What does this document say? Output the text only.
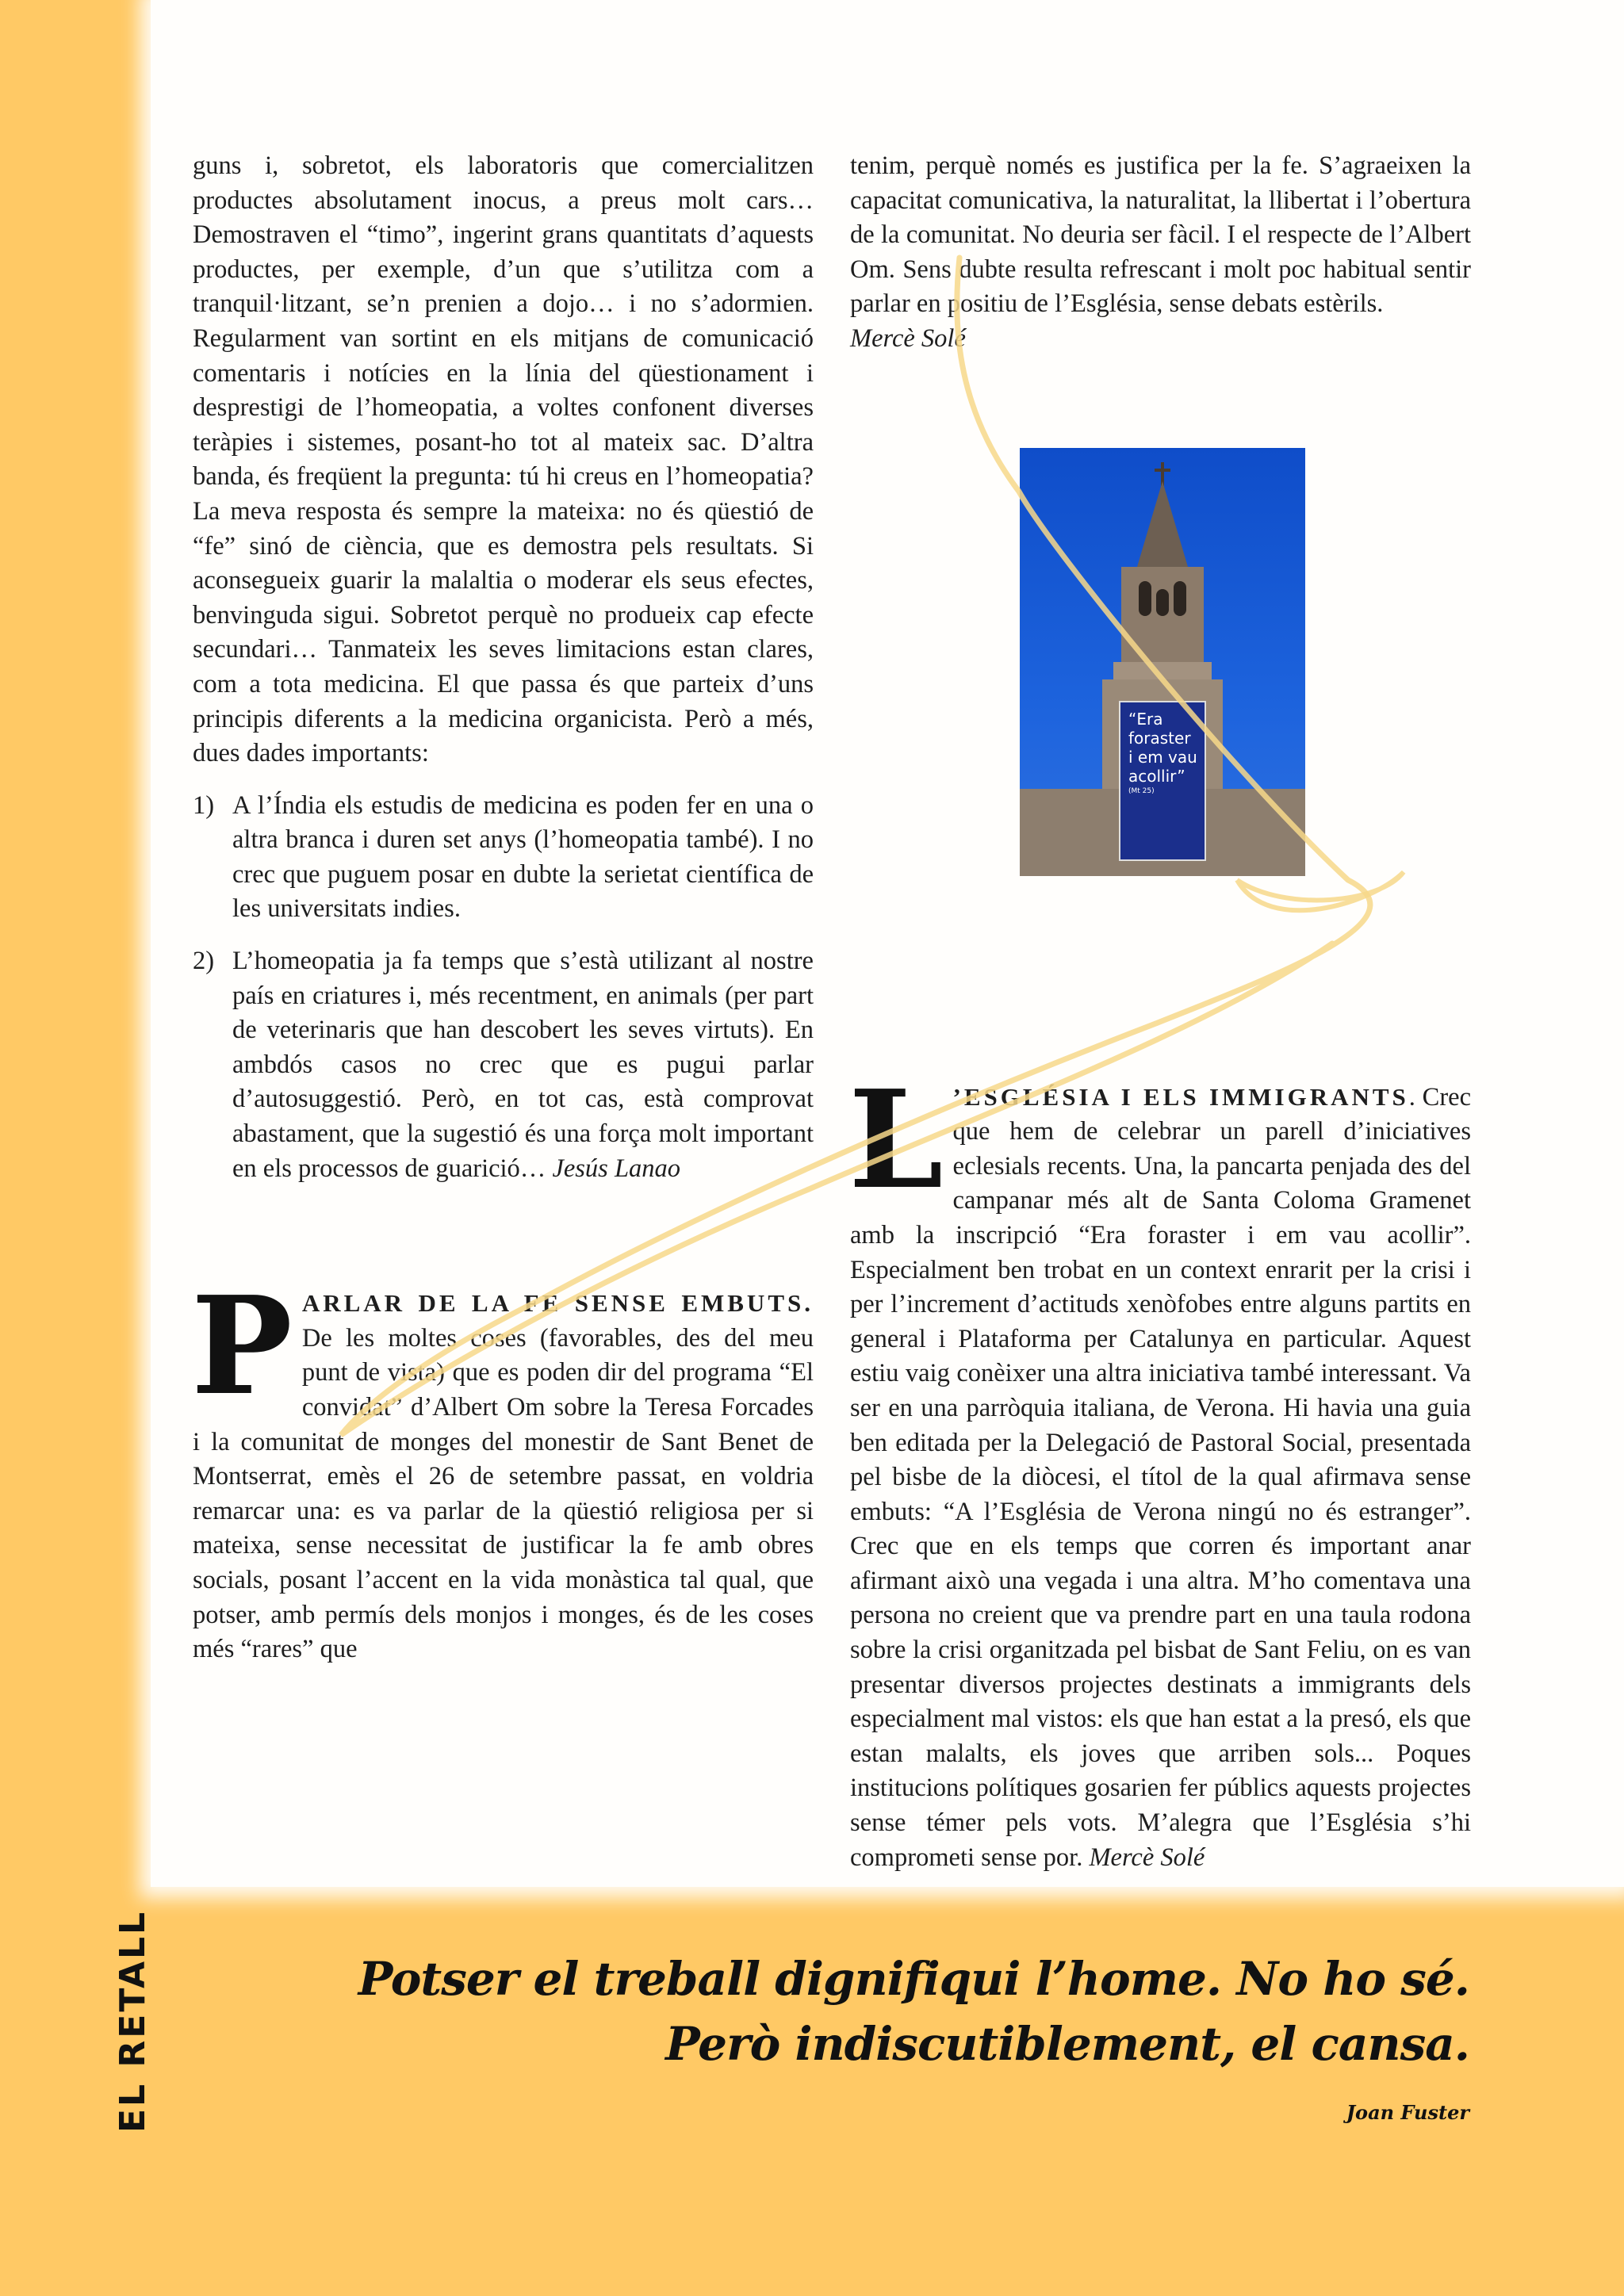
guns i, sobretot, els laboratoris que comercialitzen productes absolutament inocus, a preus molt cars… Demostraven el “timo”, ingerint grans quantitats d’aquests productes, per exemple, d’un que s’utilitza com a tranquil·litzant, se’n prenien a dojo… i no s’adormien. Regularment van sortint en els mitjans de comunicació comentaris i notícies en la línia del qüestionament i desprestigi de l’homeopatia, a voltes confonent diverses teràpies i sistemes, posant-ho tot al mateix sac. D’altra banda, és freqüent la pregunta: tú hi creus en l’homeopatia? La meva resposta és sempre la mateixa: no és qüestió de “fe” sinó de ciència, que es demostra pels resultats. Si aconsegueix guarir la malaltia o moderar els seus efectes, benvinguda sigui. Sobretot perquè no produeix cap efecte secundari… Tanmateix les seves limitacions estan clares, com a tota medicina. El que passa és que parteix d’uns principis diferents a la medicina organicista. Però a més, dues dades importants:

1) A l’Índia els estudis de medicina es poden fer en una o altra branca i duren set anys (l’homeopatia també). I no crec que puguem posar en dubte la serietat científica de les universitats indies.
2) L’homeopatia ja fa temps que s’està utilizant al nostre país en criatures i, més recentment, en animals (per part de veterinaris que han descobert les seves virtuts). En ambdós casos no crec que es pugui parlar d’autosuggestió. Però, en tot cas, està comprovat abastament, que la sugestió és una força molt important en els processos de guarició… Jesús Lanao

PARLAR DE LA FE SENSE EMBUTS. De les moltes coses (favorables, des del meu punt de vista) que es poden dir del programa “El convidat” d’Albert Om sobre la Teresa Forcades i la comunitat de monges del monestir de Sant Benet de Montserrat, emès el 26 de setembre passat, en voldria remarcar una: es va parlar de la qüestió religiosa per si mateixa, sense necessitat de justificar la fe amb obres socials, posant l’accent en la vida monàstica tal qual, que potser, amb permís dels monjos i monges, és de les coses més “rares” que

tenim, perquè només es justifica per la fe. S’agraeixen la capacitat comunicativa, la naturalitat, la llibertat i l’obertura de la comunitat. No deuria ser fàcil. I el respecte de l’Albert Om. Sens dubte resulta refrescant i molt poc habitual sentir parlar en positiu de l’Església, sense debats estèrils.
Mercè Solé

L ’ESGLÉSIA I ELS IMMIGRANTS. Crec que hem de celebrar un parell d’iniciatives eclesials recents. Una, la pancarta penjada des del campanar més alt de Santa Coloma Gramenet amb la inscripció “Era foraster i em vau acollir”. Especialment ben trobat en un context enrarit per la crisi i per l’increment d’actituds xenòfobes entre alguns partits en general i Plataforma per Catalunya en particular. Aquest estiu vaig conèixer una altra iniciativa també interessant. Va ser en una parròquia italiana, de Verona. Hi havia una guia ben editada per la Delegació de Pastoral Social, presentada pel bisbe de la diòcesi, el títol de la qual afirmava sense embuts: “A l’Església de Verona ningú no és estranger”. Crec que en els temps que corren és important anar afirmant això una vegada i una altra. M’ho comentava una persona no creient que va prendre part en una taula rodona sobre la crisi organitzada pel bisbat de Sant Feliu, on es van presentar diversos projectes destinats a immigrants dels especialment mal vistos: els que han estat a la presó, els que estan malalts, els joves que arriben sols... Poques institucions polítiques gosarien fer públics aquests projectes sense témer pels vots. M’alegra que l’Església s’hi comprometi sense por. Mercè Solé

“Era
foraster
i em vau
acollir”
(Mt 25)
EL RETALL	Potser el treball dignifiqui l’home. No ho sé.
Però indiscutiblement, el cansa.
Joan Fuster
